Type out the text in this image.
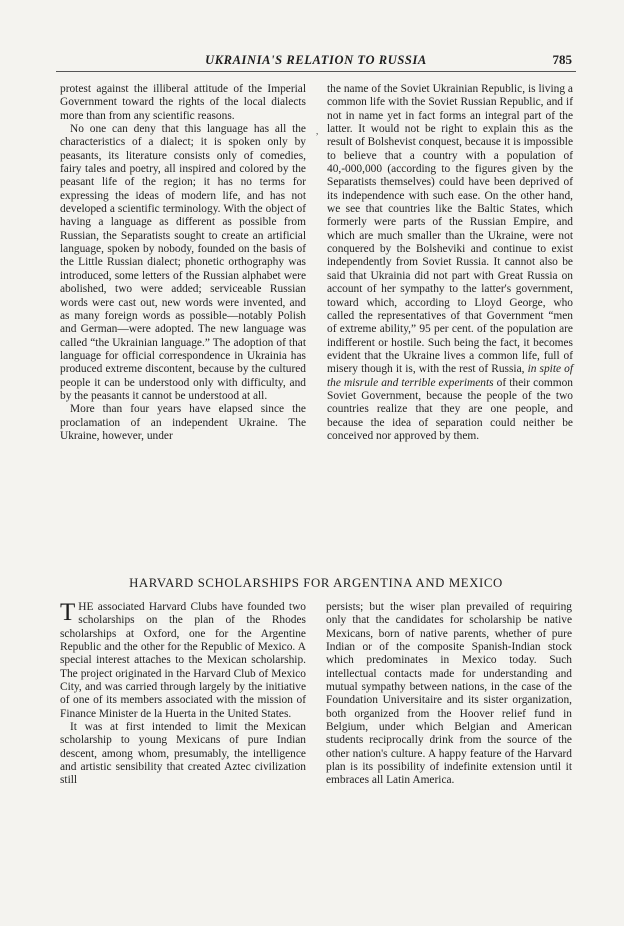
UKRAINIA'S RELATION TO RUSSIA	785

protest against the illiberal attitude of the Imperial Government toward the rights of the local dialects more than from any scientific reasons.

No one can deny that this language has all the characteristics of a dialect; it is spoken only by peasants, its literature consists only of comedies, fairy tales and poetry, all inspired and colored by the peasant life of the region; it has no terms for expressing the ideas of modern life, and has not developed a scientific terminology. With the object of having a language as different as possible from Russian, the Separatists sought to create an artificial language, spoken by nobody, founded on the basis of the Little Russian dialect; phonetic orthography was introduced, some letters of the Russian alphabet were abolished, two were added; serviceable Russian words were cast out, new words were invented, and as many foreign words as possible—notably Polish and German—were adopted. The new language was called “the Ukrainian language.” The adoption of that language for official correspondence in Ukrainia has produced extreme discontent, because by the cultured people it can be understood only with difficulty, and by the peasants it cannot be understood at all.

More than four years have elapsed since the proclamation of an independent Ukraine. The Ukraine, however, under

,

the name of the Soviet Ukrainian Republic, is living a common life with the Soviet Russian Republic, and if not in name yet in fact forms an integral part of the latter. It would not be right to explain this as the result of Bolshevist conquest, because it is impossible to believe that a country with a population of 40,-000,000 (according to the figures given by the Separatists themselves) could have been deprived of its independence with such ease. On the other hand, we see that countries like the Baltic States, which formerly were parts of the Russian Empire, and which are much smaller than the Ukraine, were not conquered by the Bolsheviki and continue to exist independently from Soviet Russia. It cannot also be said that Ukrainia did not part with Great Russia on account of her sympathy to the latter's government, toward which, according to Lloyd George, who called the representatives of that Government “men of extreme ability,” 95 per cent. of the population are indifferent or hostile. Such being the fact, it becomes evident that the Ukraine lives a common life, full of misery though it is, with the rest of Russia, in spite of the misrule and terrible experiments of their common Soviet Government, because the people of the two countries realize that they are one people, and because the idea of separation could neither be conceived nor approved by them.

HARVARD SCHOLARSHIPS FOR ARGENTINA AND MEXICO

THE associated Harvard Clubs have founded two scholarships on the plan of the Rhodes scholarships at Oxford, one for the Argentine Republic and the other for the Republic of Mexico. A special interest attaches to the Mexican scholarship. The project originated in the Harvard Club of Mexico City, and was carried through largely by the initiative of one of its members associated with the mission of Finance Minister de la Huerta in the United States.

It was at first intended to limit the Mexican scholarship to young Mexicans of pure Indian descent, among whom, presumably, the intelligence and artistic sensibility that created Aztec civilization still

persists; but the wiser plan prevailed of requiring only that the candidates for scholarship be native Mexicans, born of native parents, whether of pure Indian or of the composite Spanish-Indian stock which predominates in Mexico today. Such intellectual contacts made for understanding and mutual sympathy between nations, in the case of the Foundation Universitaire and its sister organization, both organized from the Hoover relief fund in Belgium, under which Belgian and American students reciprocally drink from the source of the other nation's culture. A happy feature of the Harvard plan is its possibility of indefinite extension until it embraces all Latin America.
